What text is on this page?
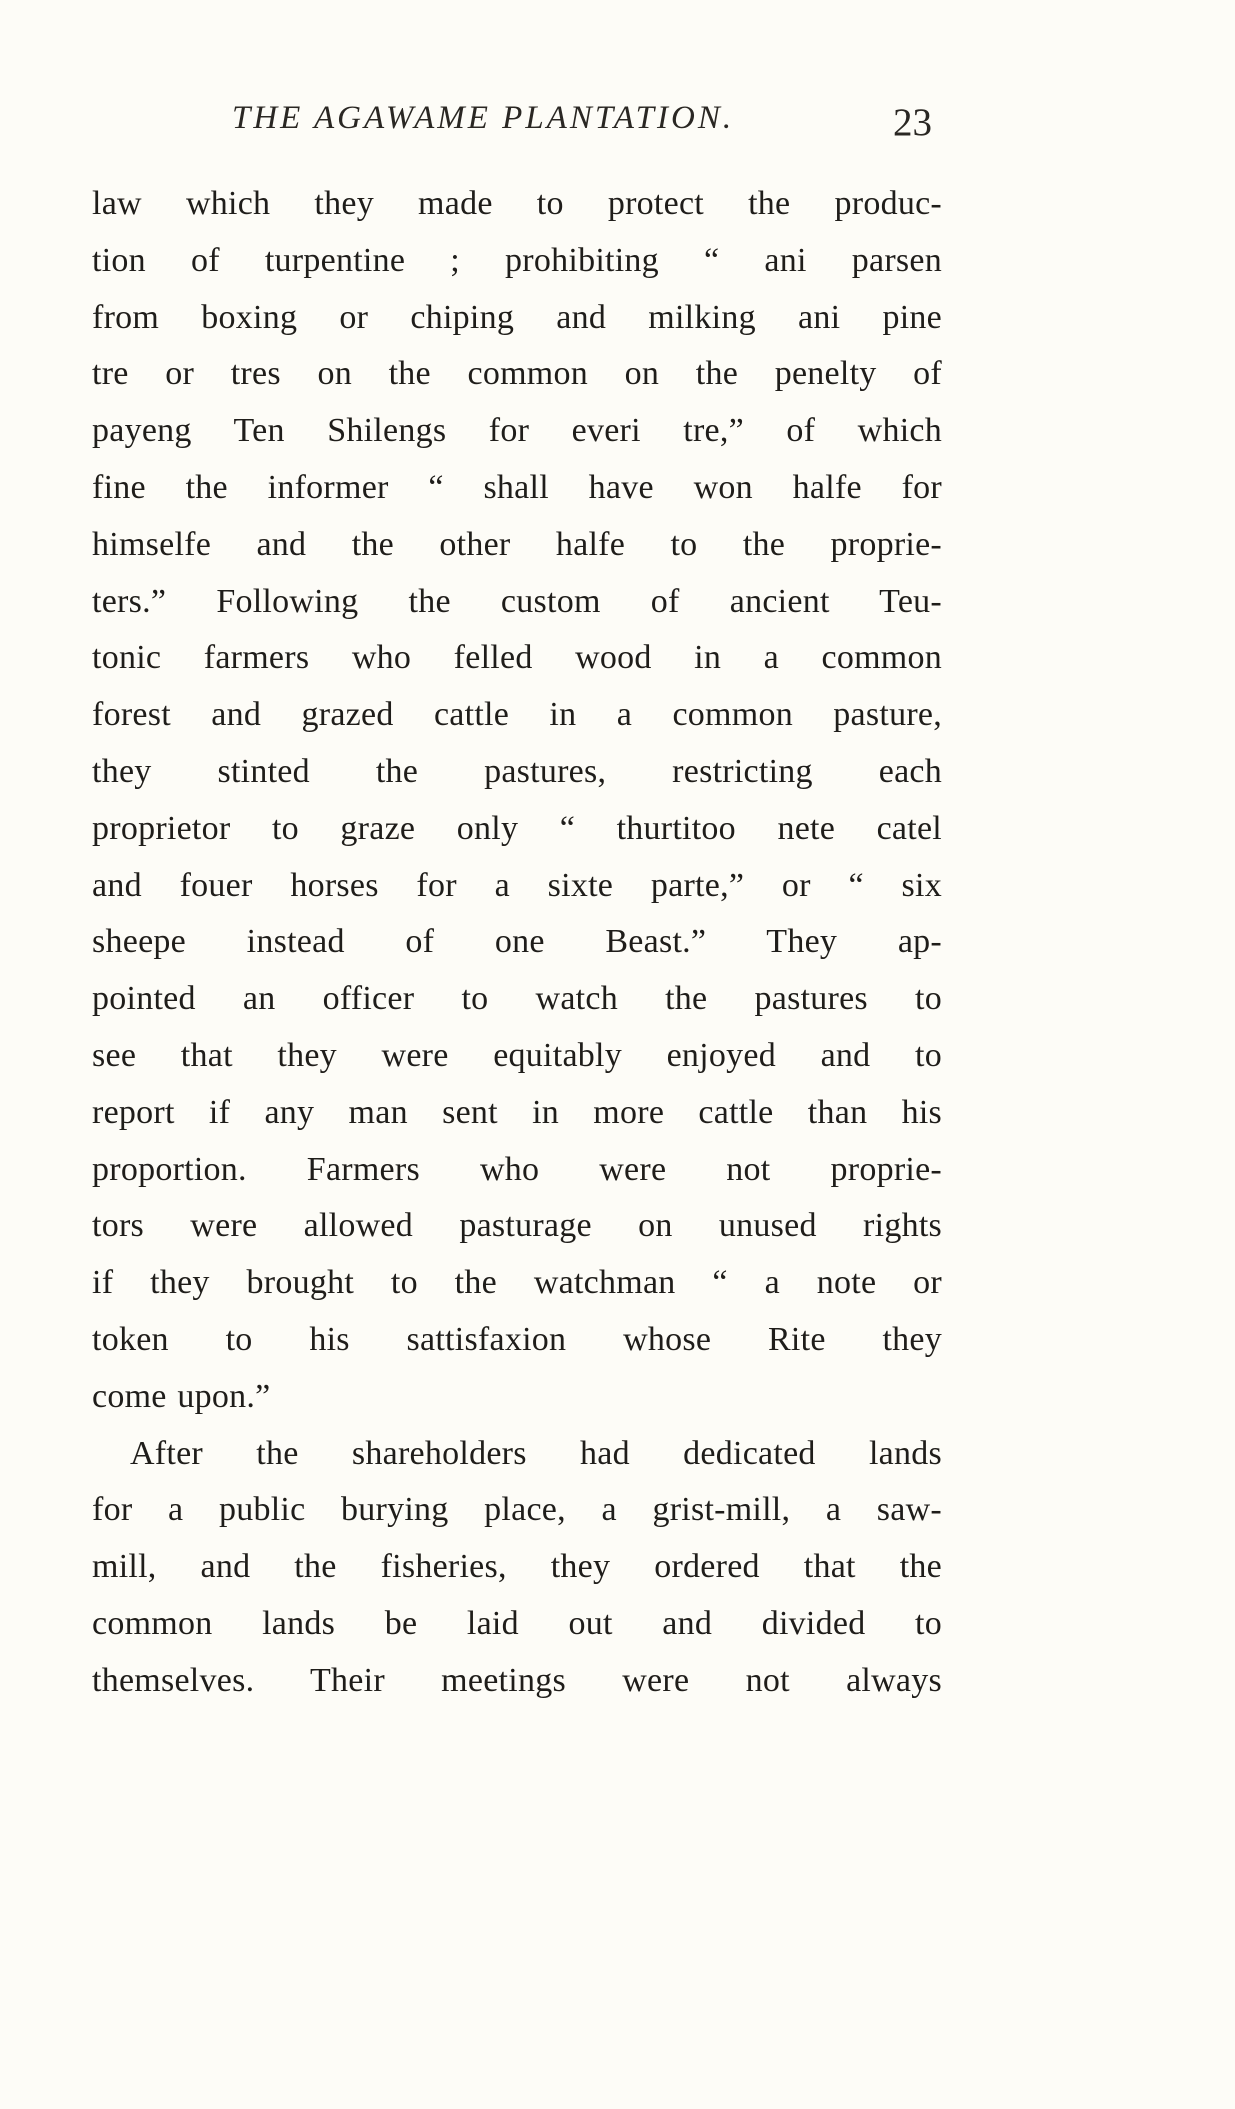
THE AGAWAME PLANTATION.	23
law which they made to protect the produc-
tion of turpentine ; prohibiting “ ani parsen
from boxing or chiping and milking ani pine
tre or tres on the common on the penelty of
payeng Ten Shilengs for everi tre,” of which
fine the informer “ shall have won halfe for
himselfe and the other halfe to the proprie-
ters.” Following the custom of ancient Teu-
tonic farmers who felled wood in a common
forest and grazed cattle in a common pasture,
they stinted the pastures, restricting each
proprietor to graze only “ thurtitoo nete catel
and fouer horses for a sixte parte,” or “ six
sheepe instead of one Beast.” They ap-
pointed an officer to watch the pastures to
see that they were equitably enjoyed and to
report if any man sent in more cattle than his
proportion. Farmers who were not proprie-
tors were allowed pasturage on unused rights
if they brought to the watchman “ a note or
token to his sattisfaxion whose Rite they
come upon.”
After the shareholders had dedicated lands
for a public burying place, a grist-mill, a saw-
mill, and the fisheries, they ordered that the
common lands be laid out and divided to
themselves. Their meetings were not always
